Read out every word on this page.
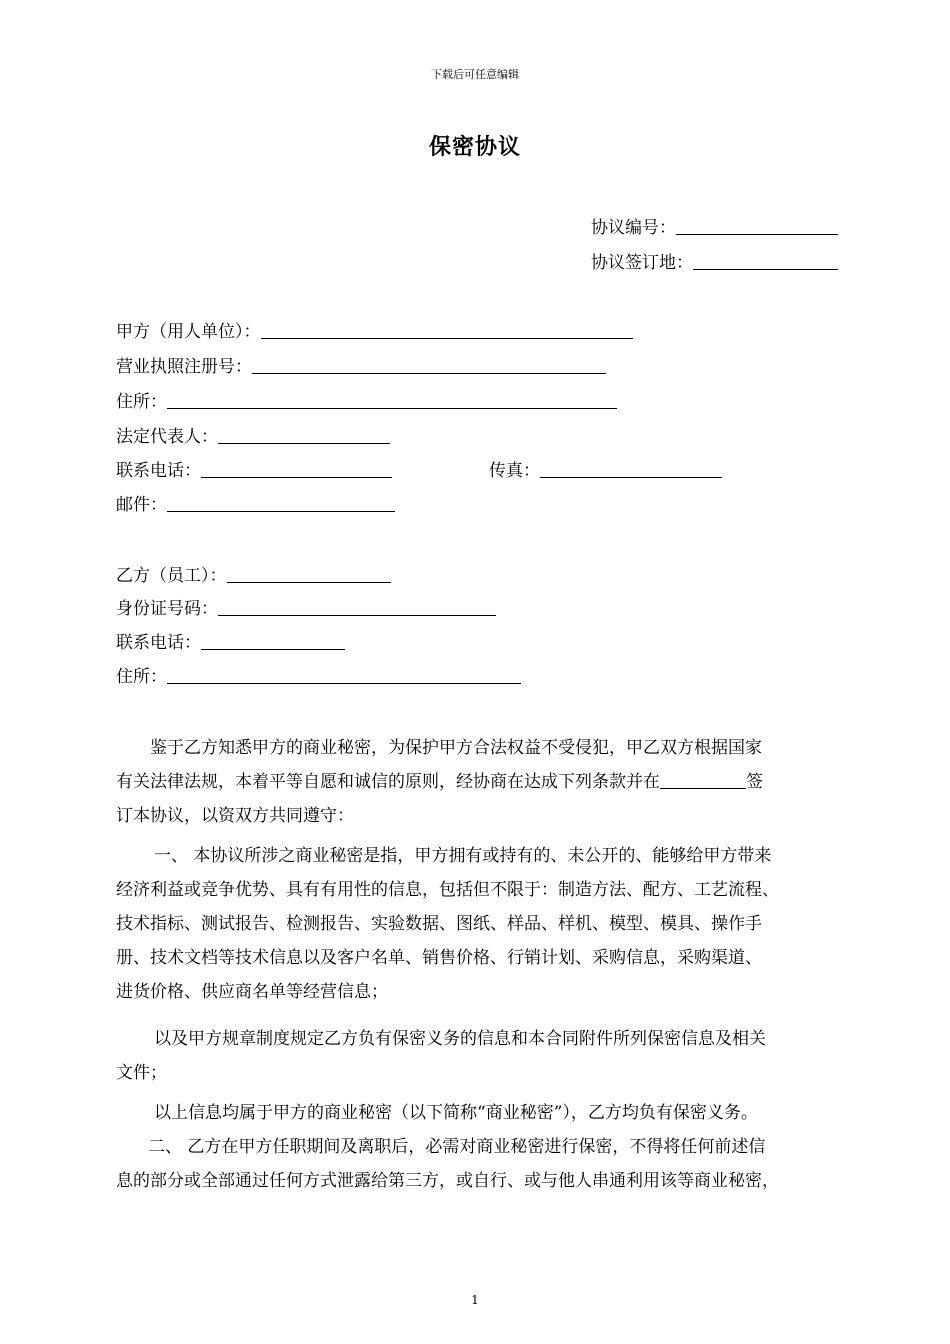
下载后可任意编辑
保密协议
协议编号：
协议签订地：
甲方（用人单位）：
营业执照注册号：
住所：
法定代表人：
联系电话：	传真：
邮件：
乙方（员工）：
身份证号码：
联系电话：
住所：
鉴于乙方知悉甲方的商业秘密，为保护甲方合法权益不受侵犯，甲乙双方根据国家
有关法律法规，本着平等自愿和诚信的原则，经协商在达成下列条款并在	签
订本协议，以资双方共同遵守：
一、 本协议所涉之商业秘密是指，甲方拥有或持有的、未公开的、能够给甲方带来
经济利益或竞争优势、具有有用性的信息，包括但不限于：制造方法、配方、工艺流程、
技术指标、测试报告、检测报告、实验数据、图纸、样品、样机、模型、模具、操作手
册、技术文档等技术信息以及客户名单、销售价格、行销计划、采购信息，采购渠道、
进货价格、供应商名单等经营信息；
以及甲方规章制度规定乙方负有保密义务的信息和本合同附件所列保密信息及相关
文件；
以上信息均属于甲方的商业秘密（以下简称“商业秘密”），乙方均负有保密义务。
二、 乙方在甲方任职期间及离职后，必需对商业秘密进行保密，不得将任何前述信
息的部分或全部通过任何方式泄露给第三方，或自行、或与他人串通利用该等商业秘密，
1
